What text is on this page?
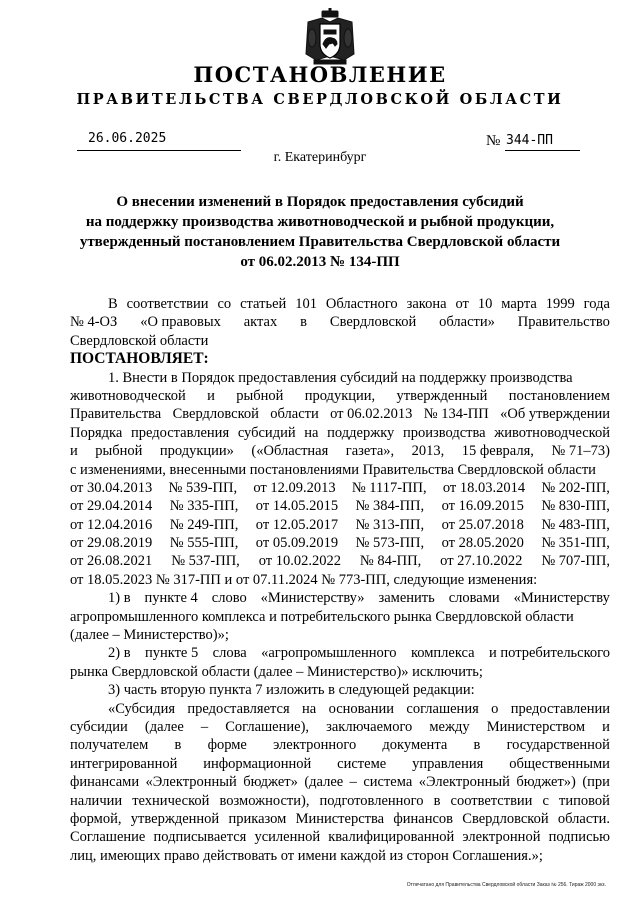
ПОСТАНОВЛЕНИЕ
ПРАВИТЕЛЬСТВА СВЕРДЛОВСКОЙ ОБЛАСТИ
26.06.2025	№ 344-ПП
г. Екатеринбург
О внесении изменений в Порядок предоставления субсидий
на поддержку производства животноводческой и рыбной продукции,
утвержденный постановлением Правительства Свердловской области
от 06.02.2013 № 134-ПП
В соответствии со статьей 101 Областного закона от 10 марта 1999 года
№ 4-ОЗ «О правовых актах в Свердловской области» Правительство
Свердловской области
ПОСТАНОВЛЯЕТ:
1. Внести в Порядок предоставления субсидий на поддержку производства
животноводческой и рыбной продукции, утвержденный постановлением
Правительства Свердловской области от 06.02.2013 № 134-ПП «Об утверждении
Порядка предоставления субсидий на поддержку производства животноводческой
и рыбной продукции» («Областная газета», 2013, 15 февраля, № 71–73)
с изменениями, внесенными постановлениями Правительства Свердловской области
от 30.04.2013 № 539-ПП, от 12.09.2013 № 1117-ПП, от 18.03.2014 № 202-ПП,
от 29.04.2014 № 335-ПП, от 14.05.2015 № 384-ПП, от 16.09.2015 № 830-ПП,
от 12.04.2016 № 249-ПП, от 12.05.2017 № 313-ПП, от 25.07.2018 № 483-ПП,
от 29.08.2019 № 555-ПП, от 05.09.2019 № 573-ПП, от 28.05.2020 № 351-ПП,
от 26.08.2021 № 537-ПП, от 10.02.2022 № 84-ПП, от 27.10.2022 № 707-ПП,
от 18.05.2023 № 317-ПП и от 07.11.2024 № 773-ПП, следующие изменения:
1) в пункте 4 слово «Министерству» заменить словами «Министерству
агропромышленного комплекса и потребительского рынка Свердловской области
(далее – Министерство)»;
2) в пункте 5 слова «агропромышленного комплекса и потребительского
рынка Свердловской области (далее – Министерство)» исключить;
3) часть вторую пункта 7 изложить в следующей редакции:
«Субсидия предоставляется на основании соглашения о предоставлении
субсидии (далее – Соглашение), заключаемого между Министерством и
получателем в форме электронного документа в государственной
интегрированной информационной системе управления общественными
финансами «Электронный бюджет» (далее – система «Электронный бюджет») (при
наличии технической возможности), подготовленного в соответствии с типовой
формой, утвержденной приказом Министерства финансов Свердловской области.
Соглашение подписывается усиленной квалифицированной электронной подписью
лиц, имеющих право действовать от имени каждой из сторон Соглашения.»;
Отпечатано для Правительства Свердловской области Заказ № 256. Тираж 2000 экз.
